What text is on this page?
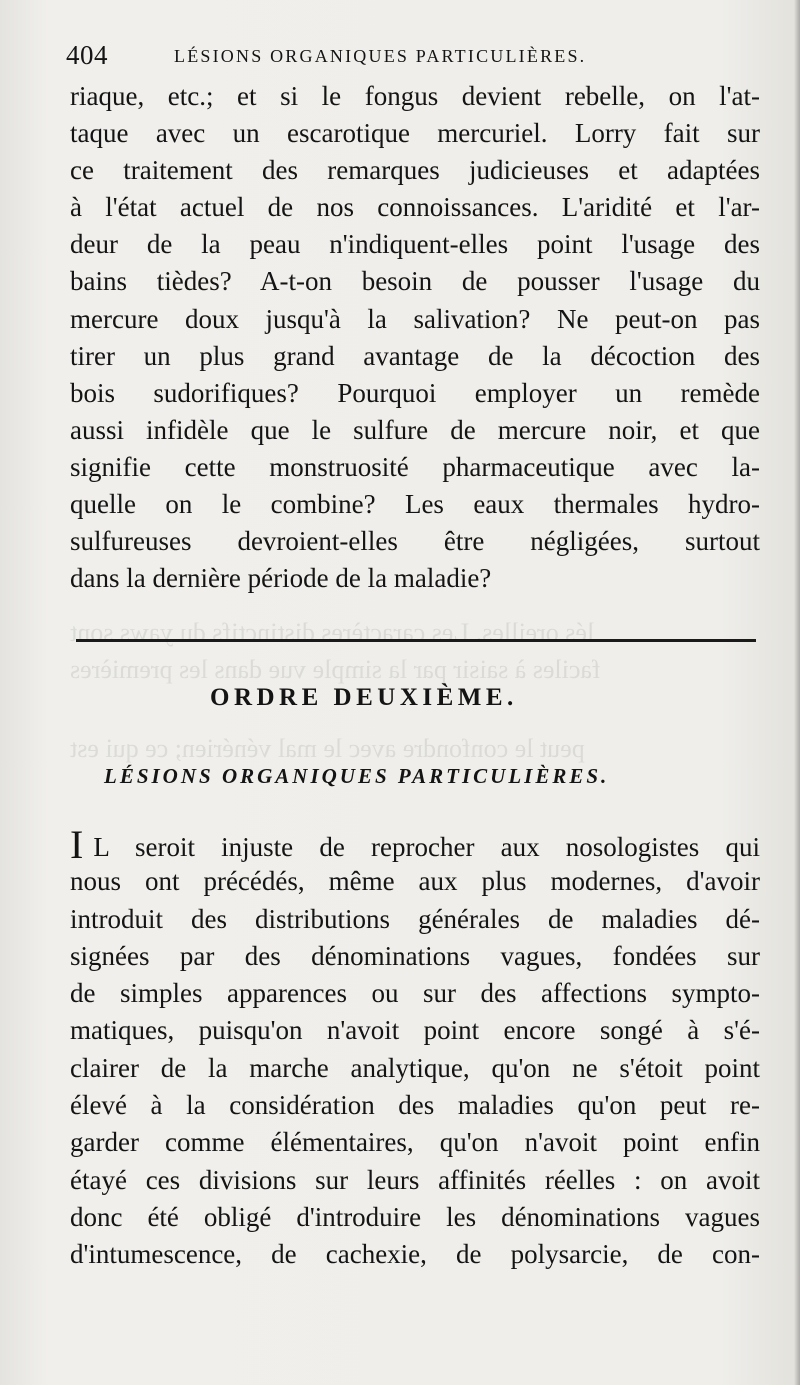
lés oreilles. Les caractères distinctifs du yaws sont
faciles à saisir par la simple vue dans les premières
peut le confondre avec le mal vénérien; ce qui est
404	LÉSIONS ORGANIQUES PARTICULIÈRES.
riaque, etc.; et si le fongus devient rebelle, on l'at-
taque avec un escarotique mercuriel. Lorry fait sur
ce traitement des remarques judicieuses et adaptées
à l'état actuel de nos connoissances. L'aridité et l'ar-
deur de la peau n'indiquent-elles point l'usage des
bains tièdes? A-t-on besoin de pousser l'usage du
mercure doux jusqu'à la salivation? Ne peut-on pas
tirer un plus grand avantage de la décoction des
bois sudorifiques? Pourquoi employer un remède
aussi infidèle que le sulfure de mercure noir, et que
signifie cette monstruosité pharmaceutique avec la-
quelle on le combine? Les eaux thermales hydro-
sulfureuses devroient-elles être négligées, surtout
dans la dernière période de la maladie?
ORDRE DEUXIÈME.
LÉSIONS ORGANIQUES PARTICULIÈRES.
I L seroit injuste de reprocher aux nosologistes qui
nous ont précédés, même aux plus modernes, d'avoir
introduit des distributions générales de maladies dé-
signées par des dénominations vagues, fondées sur
de simples apparences ou sur des affections sympto-
matiques, puisqu'on n'avoit point encore songé à s'é-
clairer de la marche analytique, qu'on ne s'étoit point
élevé à la considération des maladies qu'on peut re-
garder comme élémentaires, qu'on n'avoit point enfin
étayé ces divisions sur leurs affinités réelles : on avoit
donc été obligé d'introduire les dénominations vagues
d'intumescence, de cachexie, de polysarcie, de con-
